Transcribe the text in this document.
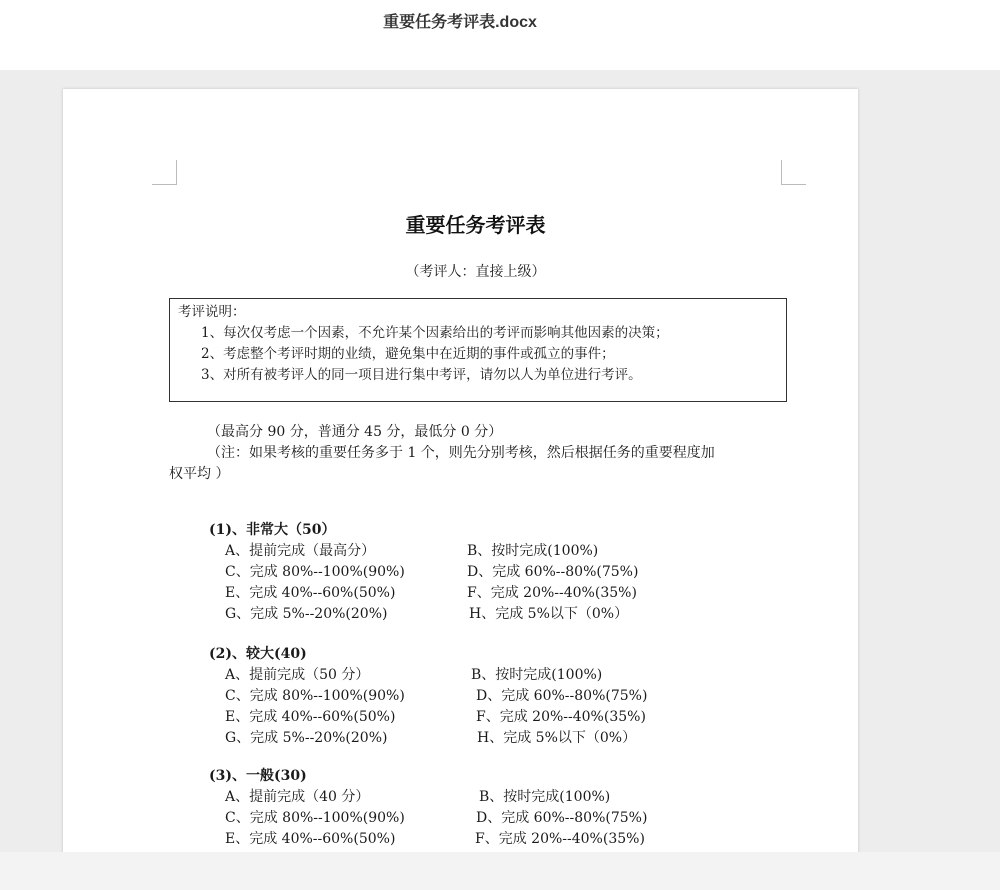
重要任务考评表.docx
重要任务考评表
（考评人：直接上级）
考评说明：
1、每次仅考虑一个因素，不允许某个因素给出的考评而影响其他因素的决策；
2、考虑整个考评时期的业绩，避免集中在近期的事件或孤立的事件；
3、对所有被考评人的同一项目进行集中考评，请勿以人为单位进行考评。
（最高分 90 分，普通分 45 分，最低分 0 分）
（注：如果考核的重要任务多于 1 个，则先分别考核，然后根据任务的重要程度加
权平均 ）
(1)、非常大（50）
A、提前完成（最高分）	B、按时完成(100%)
C、完成 80%--100%(90%)	D、完成 60%--80%(75%)
E、完成 40%--60%(50%)	F、完成 20%--40%(35%)
G、完成 5%--20%(20%)	H、完成 5%以下（0%）
(2)、较大(40)
A、提前完成（50 分）	B、按时完成(100%)
C、完成 80%--100%(90%)	D、完成 60%--80%(75%)
E、完成 40%--60%(50%)	F、完成 20%--40%(35%)
G、完成 5%--20%(20%)	H、完成 5%以下（0%）
(3)、一般(30)
A、提前完成（40 分）	B、按时完成(100%)
C、完成 80%--100%(90%)	D、完成 60%--80%(75%)
E、完成 40%--60%(50%)	F、完成 20%--40%(35%)
